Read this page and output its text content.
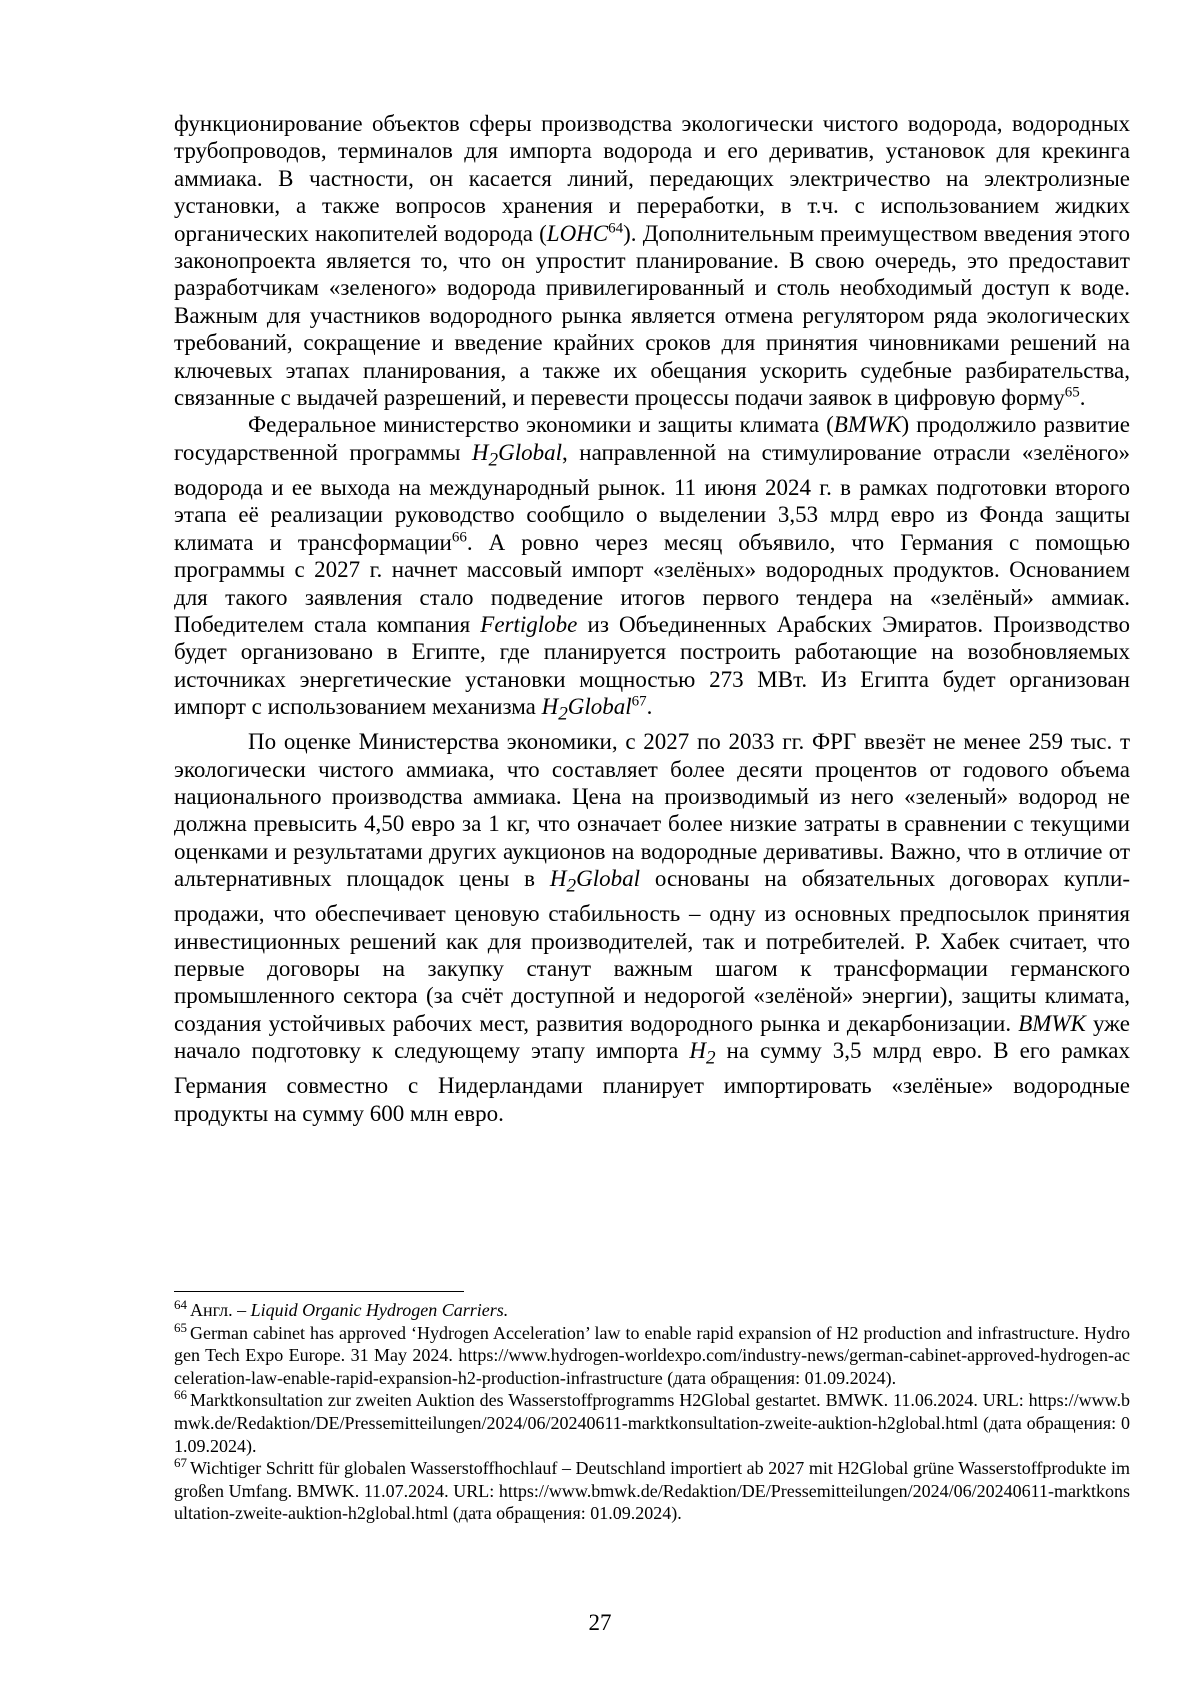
функционирование объектов сферы производства экологически чистого водорода, водородных трубопроводов, терминалов для импорта водорода и его дериватив, установок для крекинга аммиака. В частности, он касается линий, передающих электричество на электролизные установки, а также вопросов хранения и переработки, в т.ч. с использованием жидких органических накопителей водорода (LOHC$^{64}$). Дополнительным преимуществом введения этого законопроекта является то, что он упростит планирование. В свою очередь, это предоставит разработчикам «зеленого» водорода привилегированный и столь необходимый доступ к воде. Важным для участников водородного рынка является отмена регулятором ряда экологических требований, сокращение и введение крайних сроков для принятия чиновниками решений на ключевых этапах планирования, а также их обещания ускорить судебные разбирательства, связанные с выдачей разрешений, и перевести процессы подачи заявок в цифровую форму$^{65}$.

Федеральное министерство экономики и защиты климата (BMWK) продолжило развитие государственной программы $H_2Global$, направленной на стимулирование отрасли «зелёного» водорода и ее выхода на международный рынок. 11 июня 2024 г. в рамках подготовки второго этапа её реализации руководство сообщило о выделении 3,53 млрд евро из Фонда защиты климата и трансформации$^{66}$. А ровно через месяц объявило, что Германия с помощью программы с 2027 г. начнет массовый импорт «зелёных» водородных продуктов. Основанием для такого заявления стало подведение итогов первого тендера на «зелёный» аммиак. Победителем стала компания Fertiglobe из Объединенных Арабских Эмиратов. Производство будет организовано в Египте, где планируется построить работающие на возобновляемых источниках энергетические установки мощностью 273 МВт. Из Египта будет организован импорт с использованием механизма $H_2Global^{67}$.

По оценке Министерства экономики, с 2027 по 2033 гг. ФРГ ввезёт не менее 259 тыс. т экологически чистого аммиака, что составляет более десяти процентов от годового объема национального производства аммиака. Цена на производимый из него «зеленый» водород не должна превысить 4,50 евро за 1 кг, что означает более низкие затраты в сравнении с текущими оценками и результатами других аукционов на водородные деривативы. Важно, что в отличие от альтернативных площадок цены в $H_2Global$ основаны на обязательных договорах купли-продажи, что обеспечивает ценовую стабильность – одну из основных предпосылок принятия инвестиционных решений как для производителей, так и потребителей. Р. Хабек считает, что первые договоры на закупку станут важным шагом к трансформации германского промышленного сектора (за счёт доступной и недорогой «зелёной» энергии), защиты климата, создания устойчивых рабочих мест, развития водородного рынка и декарбонизации. BMWK уже начало подготовку к следующему этапу импорта $H_2$ на сумму 3,5 млрд евро. В его рамках Германия совместно с Нидерландами планирует импортировать «зелёные» водородные продукты на сумму 600 млн евро.

$^{64}$ Англ. – Liquid Organic Hydrogen Carriers.

$^{65}$ German cabinet has approved ‘Hydrogen Acceleration’ law to enable rapid expansion of H2 production and infrastructure. Hydrogen Tech Expo Europe. 31 May 2024. https://www.hydrogen-worldexpo.com/industry-news/german-cabinet-approved-hydrogen-acceleration-law-enable-rapid-expansion-h2-production-infrastructure (дата обращения: 01.09.2024).

$^{66}$ Marktkonsultation zur zweiten Auktion des Wasserstoffprogramms H2Global gestartet. BMWK. 11.06.2024. URL: https://www.bmwk.de/Redaktion/DE/Pressemitteilungen/2024/06/20240611-marktkonsultation-zweite-auktion-h2global.html (дата обращения: 01.09.2024).

$^{67}$ Wichtiger Schritt für globalen Wasserstoffhochlauf – Deutschland importiert ab 2027 mit H2Global grüne Wasserstoffprodukte im großen Umfang. BMWK. 11.07.2024. URL: https://www.bmwk.de/Redaktion/DE/Pressemitteilungen/2024/06/20240611-marktkonsultation-zweite-auktion-h2global.html (дата обращения: 01.09.2024).

27
